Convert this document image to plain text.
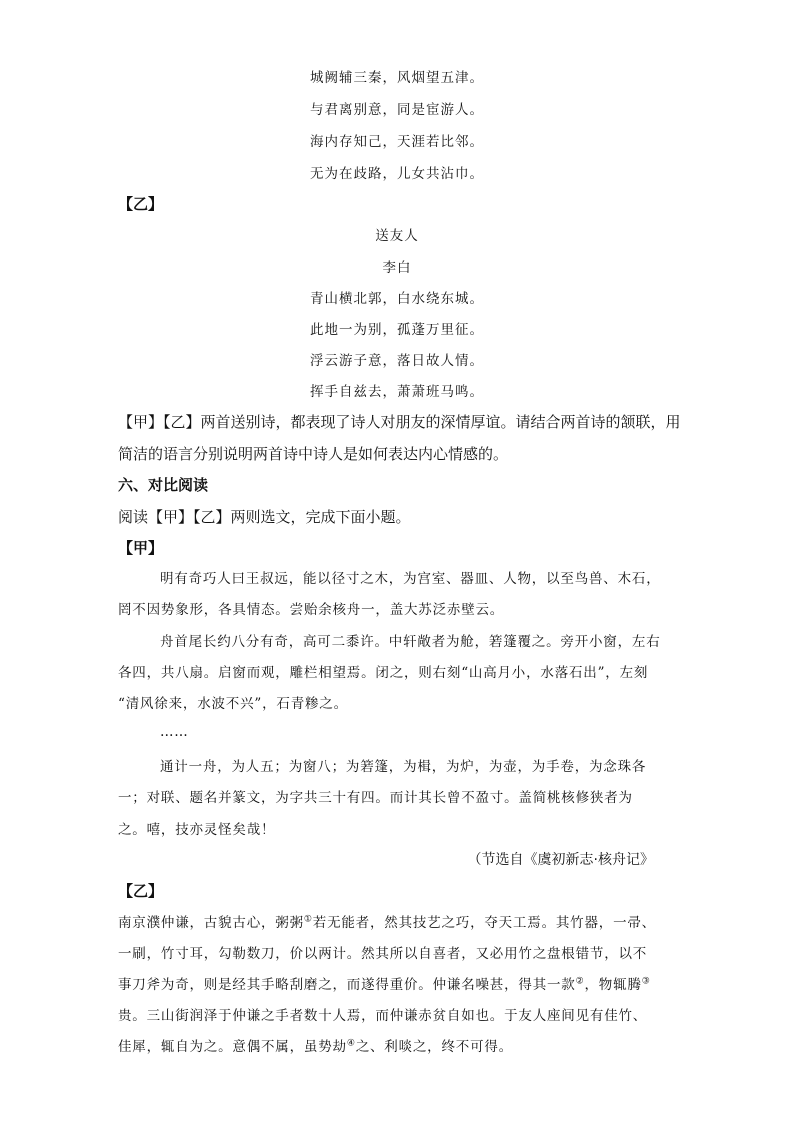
城阙辅三秦，风烟望五津。
与君离别意，同是宦游人。
海内存知己，天涯若比邻。
无为在歧路，儿女共沾巾。
【乙】
送友人
李白
青山横北郭，白水绕东城。
此地一为别，孤蓬万里征。
浮云游子意，落日故人情。
挥手自兹去，萧萧班马鸣。
【甲】【乙】两首送别诗，都表现了诗人对朋友的深情厚谊。请结合两首诗的颔联，用
简洁的语言分别说明两首诗中诗人是如何表达内心情感的。
六、对比阅读
阅读【甲】【乙】两则选文，完成下面小题。
【甲】
明有奇巧人曰王叔远，能以径寸之木，为宫室、器皿、人物，以至鸟兽、木石，
罔不因势象形，各具情态。尝贻余核舟一，盖大苏泛赤壁云。
舟首尾长约八分有奇，高可二黍许。中轩敞者为舱，箬篷覆之。旁开小窗，左右
各四，共八扇。启窗而观，雕栏相望焉。闭之，则右刻“山高月小，水落石出”，左刻
“清风徐来，水波不兴”，石青糁之。
……
通计一舟，为人五；为窗八；为箬篷，为楫，为炉，为壶，为手卷，为念珠各
一；对联、题名并篆文，为字共三十有四。而计其长曾不盈寸。盖简桃核修狭者为
之。嘻，技亦灵怪矣哉！
（节选自《虞初新志·核舟记》
【乙】
南京濮仲谦，古貌古心，粥粥①若无能者，然其技艺之巧，夺天工焉。其竹器，一帚、
一刷，竹寸耳，勾勒数刀，价以两计。然其所以自喜者，又必用竹之盘根错节，以不
事刀斧为奇，则是经其手略刮磨之，而遂得重价。仲谦名噪甚，得其一款②，物辄腾③
贵。三山街润泽于仲谦之手者数十人焉，而仲谦赤贫自如也。于友人座间见有佳竹、
佳犀，辄自为之。意偶不属，虽势劫④之、利啖之，终不可得。
